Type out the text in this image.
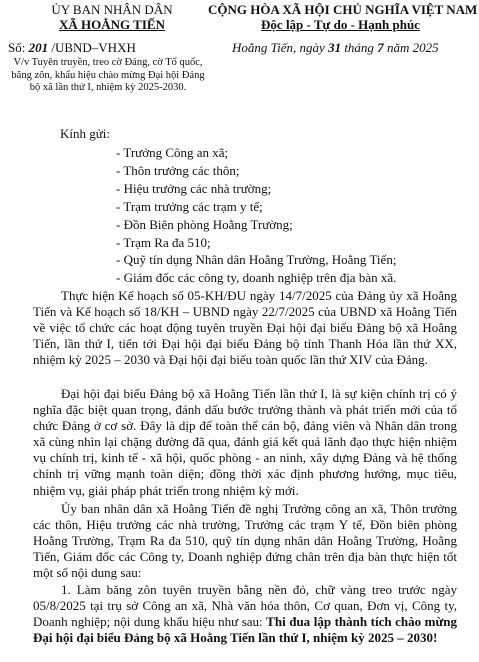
ỦY BAN NHÂN DÂN
XÃ HOẰNG TIẾN
CỘNG HÒA XÃ HỘI CHỦ NGHĨA VIỆT NAM
Độc lập - Tự do - Hạnh phúc
Số: 201 /UBND–VHXH	Hoằng Tiến, ngày 31 tháng 7 năm 2025
V/v Tuyên truyền, treo cờ Đảng, cờ Tổ quốc, băng zôn, khẩu hiệu chào mừng Đại hội Đảng bộ xã lần thứ I, nhiệm kỳ 2025-2030.
Kính gửi:
- Trưởng Công an xã;
- Thôn trưởng các thôn;
- Hiệu trưởng các nhà trường;
- Trạm trưởng các trạm y tế;
- Đồn Biên phòng Hoằng Trường;
- Trạm Ra đa 510;
- Quỹ tín dụng Nhân dân Hoằng Trường, Hoằng Tiến;
- Giám đốc các công ty, doanh nghiệp trên địa bàn xã.

Thực hiện Kế hoạch số 05-KH/ĐU ngày 14/7/2025 của Đảng ủy xã Hoằng Tiến và Kế hoạch số 18/KH – UBND ngày 22/7/2025 của UBND xã Hoằng Tiến về việc tổ chức các hoạt động tuyên truyền Đại hội đại biểu Đảng bộ xã Hoằng Tiến, lần thứ I, tiến tới Đại hội đại biểu Đảng bộ tỉnh Thanh Hóa lần thứ XX, nhiệm kỳ 2025 – 2030 và Đại hội đại biểu toàn quốc lần thứ XIV của Đảng.

Đại hội đại biểu Đảng bộ xã Hoằng Tiến lần thứ I, là sự kiện chính trị có ý nghĩa đặc biệt quan trọng, đánh dấu bước trưởng thành và phát triển mới của tổ chức Đảng ở cơ sở. Đây là dịp để toàn thể cán bộ, đảng viên và Nhân dân trong xã cùng nhìn lại chặng đường đã qua, đánh giá kết quả lãnh đạo thực hiện nhiệm vụ chính trị, kinh tế - xã hội, quốc phòng - an ninh, xây dựng Đảng và hệ thống chính trị vững mạnh toàn diện; đồng thời xác định phương hướng, mục tiêu, nhiệm vụ, giải pháp phát triển trong nhiệm kỳ mới.

Ủy ban nhân dân xã Hoằng Tiến đề nghị Trưởng công an xã, Thôn trưởng các thôn, Hiệu trưởng các nhà trường, Trưởng các trạm Y tế, Đồn biên phòng Hoằng Trường, Trạm Ra đa 510, quỹ tín dụng nhân dân Hoằng Trường, Hoằng Tiến, Giám đốc các Công ty, Doanh nghiệp đứng chân trên địa bàn thực hiện tốt một số nội dung sau:

1. Làm băng zôn tuyên truyền bằng nền đỏ, chữ vàng treo trước ngày 05/8/2025 tại trụ sở Công an xã, Nhà văn hóa thôn, Cơ quan, Đơn vị, Công ty, Doanh nghiệp; nội dung khẩu hiệu như sau: Thi đua lập thành tích chào mừng Đại hội đại biểu Đảng bộ xã Hoằng Tiến lần thứ I, nhiệm kỳ 2025 – 2030!
